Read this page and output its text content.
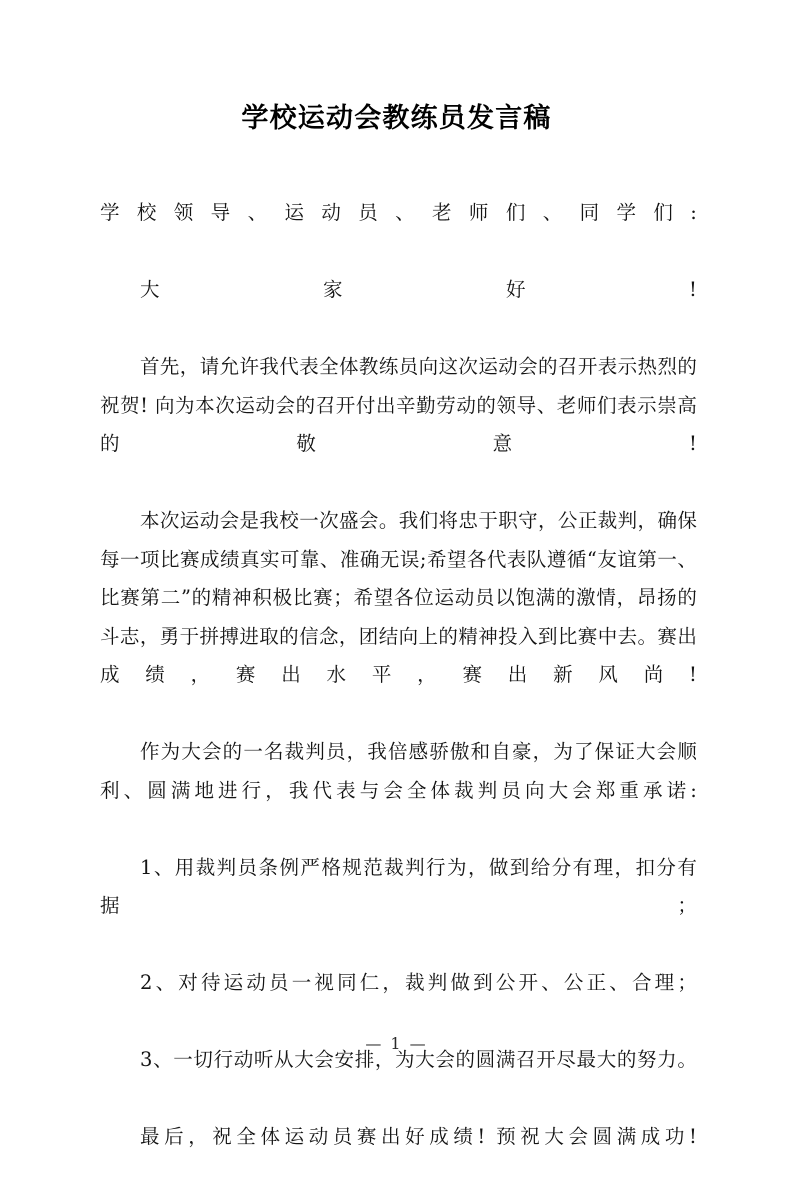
学校运动会教练员发言稿

学校领导、运动员、老师们、同学们:

大家好!

首先，请允许我代表全体教练员向这次运动会的召开表示热烈的祝贺! 向为本次运动会的召开付出辛勤劳动的领导、老师们表示崇高的敬意!

本次运动会是我校一次盛会。我们将忠于职守，公正裁判，确保每一项比赛成绩真实可靠、准确无误;希望各代表队遵循“友谊第一、比赛第二”的精神积极比赛；希望各位运动员以饱满的激情，昂扬的斗志，勇于拼搏进取的信念，团结向上的精神投入到比赛中去。赛出成绩，赛出水平，赛出新风尚!

作为大会的一名裁判员，我倍感骄傲和自豪，为了保证大会顺利、圆满地进行，我代表与会全体裁判员向大会郑重承诺:

1、用裁判员条例严格规范裁判行为，做到给分有理，扣分有据；

2、对待运动员一视同仁，裁判做到公开、公正、合理；

3、一切行动听从大会安排，为大会的圆满召开尽最大的努力。

最后，祝全体运动员赛出好成绩! 预祝大会圆满成功!

— 1 —
